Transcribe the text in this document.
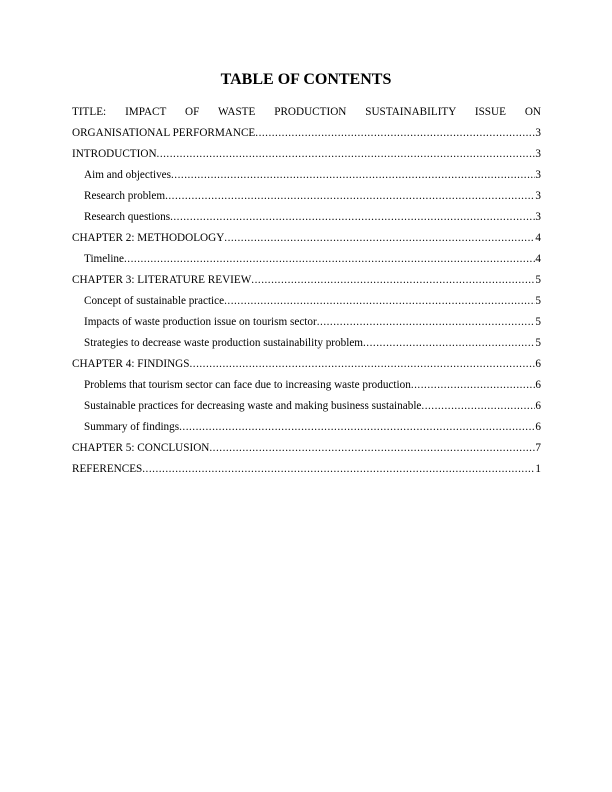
TABLE OF CONTENTS
TITLE: IMPACT OF WASTE PRODUCTION SUSTAINABILITY ISSUE ON
ORGANISATIONAL PERFORMANCE .....	3
INTRODUCTION .....	3
Aim and objectives .....	3
Research problem .....	3
Research questions .....	3
CHAPTER 2: METHODOLOGY .....	4
Timeline .....	4
CHAPTER 3: LITERATURE REVIEW .....	5
Concept of sustainable practice .....	5
Impacts of waste production issue on tourism sector .....	5
Strategies to decrease waste production sustainability problem .....	5
CHAPTER 4: FINDINGS .....	6
Problems that tourism sector can face due to increasing waste production .....	6
Sustainable practices for decreasing waste and making business sustainable .....	6
Summary of findings .....	6
CHAPTER 5: CONCLUSION .....	7
REFERENCES .....	1
